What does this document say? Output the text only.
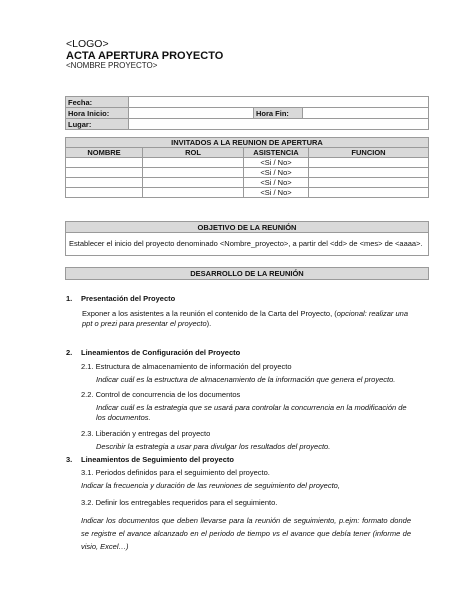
<LOGO>
ACTA APERTURA PROYECTO
<NOMBRE PROYECTO>
Fecha:			
Hora Inicio:		Hora Fin:	
Lugar:			
INVITADOS A LA REUNION DE APERTURA			
NOMBRE	ROL	ASISTENCIA	FUNCION
		<Si / No>	
		<Si / No>	
		<Si / No>	
		<Si / No>	
OBJETIVO DE LA REUNIÓN
Establecer el inicio del proyecto denominado <Nombre_proyecto>, a partir del <dd> de <mes> de <aaaa>.
DESARROLLO DE LA REUNIÓN
1. Presentación del Proyecto
Exponer a los asistentes a la reunión el contenido de la Carta del Proyecto, (opcional: realizar una ppt o prezi para presentar el proyecto).
2. Lineamientos de Configuración del Proyecto
2.1. Estructura de almacenamiento de información del proyecto
Indicar cuál es la estructura de almacenamiento de la información que genera el proyecto.
2.2. Control de concurrencia de los documentos
Indicar cuál es la estrategia que se usará para controlar la concurrencia en la modificación de los documentos.
2.3. Liberación y entregas del proyecto
Describir la estrategia a usar para divulgar los resultados del proyecto.
3. Lineamientos de Seguimiento del proyecto
3.1. Periodos definidos para el seguimiento del proyecto.
Indicar la frecuencia y duración de las reuniones de seguimiento del proyecto,
3.2. Definir los entregables requeridos para el seguimiento.
Indicar los documentos que deben llevarse para la reunión de seguimiento, p.ejm: formato donde se registre el avance alcanzado en el periodo de tiempo vs el avance que debía tener (informe de visio, Excel…)
